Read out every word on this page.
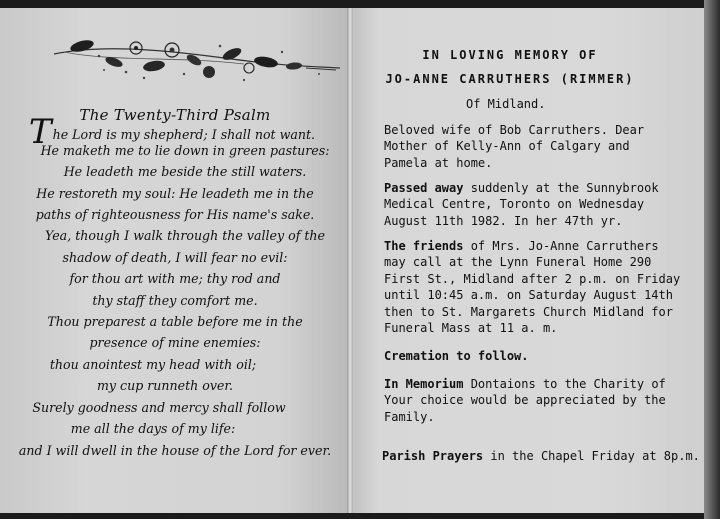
The Twenty-Third Psalm
The Lord is my shepherd; I shall not want.
He maketh me to lie down in green pastures:
He leadeth me beside the still waters.
He restoreth my soul: He leadeth me in the
paths of righteousness for His name's sake.
Yea, though I walk through the valley of the
shadow of death, I will fear no evil:
for thou art with me; thy rod and
thy staff they comfort me.
Thou preparest a table before me in the
presence of mine enemies:
thou anointest my head with oil;
my cup runneth over.
Surely goodness and mercy shall follow
me all the days of my life:
and I will dwell in the house of the Lord for ever.
IN LOVING MEMORY OF
JO-ANNE CARRUTHERS (RIMMER)
Of Midland.
Beloved wife of Bob Carruthers. Dear
Mother of Kelly-Ann of Calgary and
Pamela at home.
Passed away suddenly at the Sunnybrook
Medical Centre, Toronto on Wednesday
August 11th 1982. In her 47th yr.
The friends of Mrs. Jo-Anne Carruthers
may call at the Lynn Funeral Home 290
First St., Midland after 2 p.m. on Friday
until 10:45 a.m. on Saturday August 14th
then to St. Margarets Church Midland for
Funeral Mass at 11 a. m.
Cremation to follow.
In Memorium Dontaions to the Charity of
Your choice would be appreciated by the
Family.
Parish Prayers in the Chapel Friday at 8p.m.
